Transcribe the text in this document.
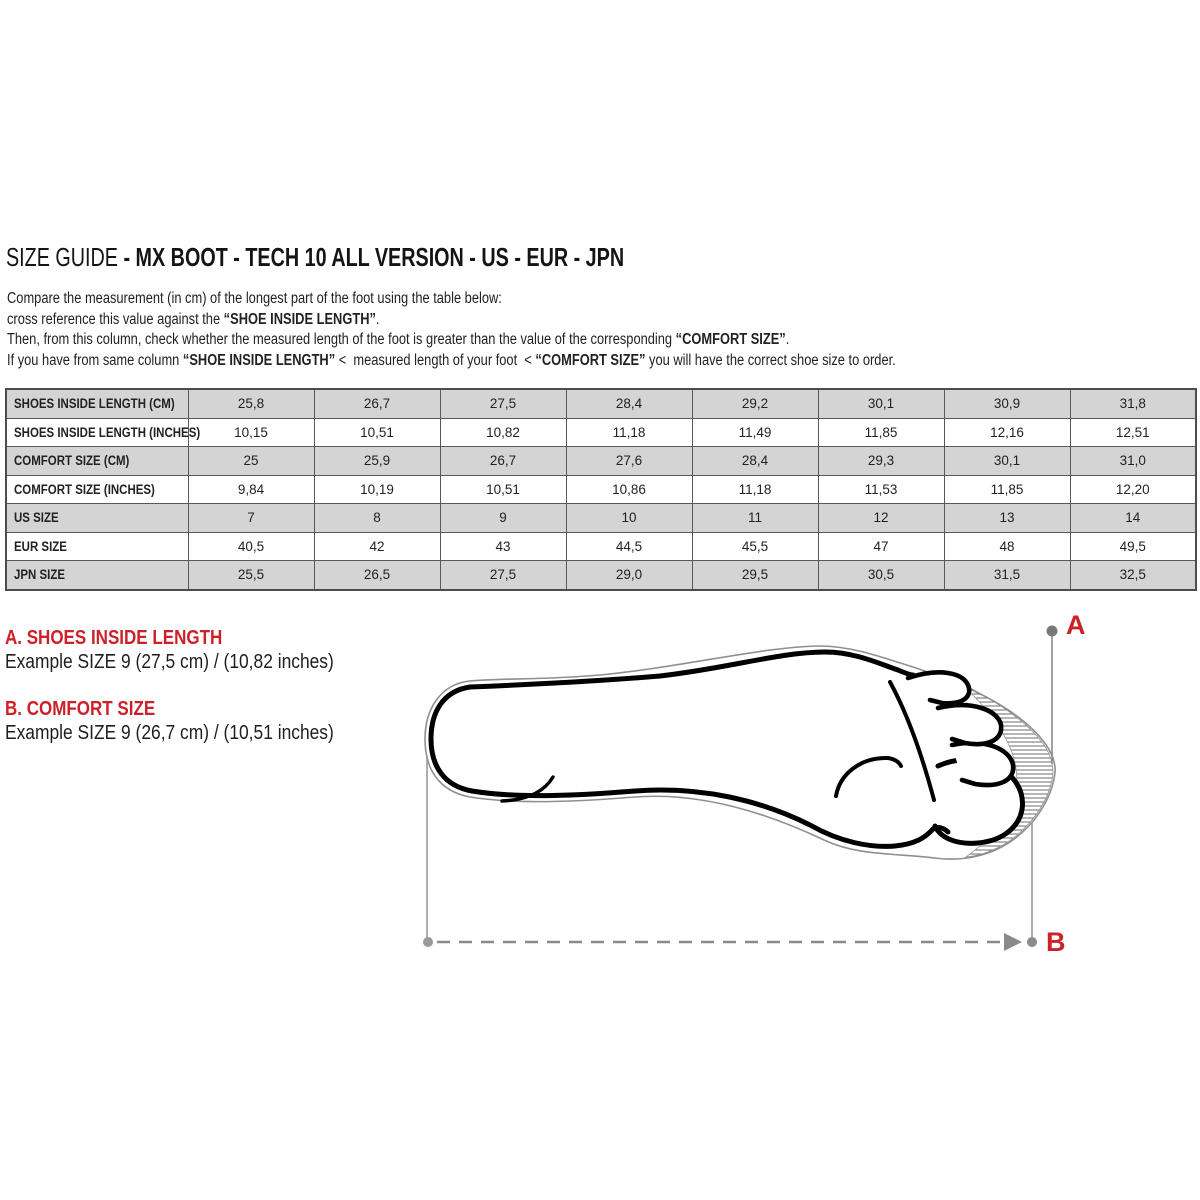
SIZE GUIDE - MX BOOT - TECH 10 ALL VERSION - US - EUR - JPN
Compare the measurement (in cm) of the longest part of the foot using the table below:
cross reference this value against the “SHOE INSIDE LENGTH”.
Then, from this column, check whether the measured length of the foot is greater than the value of the corresponding “COMFORT SIZE”.
If you have from same column “SHOE INSIDE LENGTH” <  measured length of your foot  < “COMFORT SIZE” you will have the correct shoe size to order.
SHOES INSIDE LENGTH (CM)	25,8	26,7	27,5	28,4	29,2	30,1	30,9	31,8
SHOES INSIDE LENGTH (INCHES)	10,15	10,51	10,82	11,18	11,49	11,85	12,16	12,51
COMFORT SIZE (CM)	25	25,9	26,7	27,6	28,4	29,3	30,1	31,0
COMFORT SIZE (INCHES)	9,84	10,19	10,51	10,86	11,18	11,53	11,85	12,20
US SIZE	7	8	9	10	11	12	13	14
EUR SIZE	40,5	42	43	44,5	45,5	47	48	49,5
JPN SIZE	25,5	26,5	27,5	29,0	29,5	30,5	31,5	32,5
A. SHOES INSIDE LENGTH
Example SIZE 9 (27,5 cm) / (10,82 inches)
B. COMFORT SIZE
Example SIZE 9 (26,7 cm) / (10,51 inches)
A
B
